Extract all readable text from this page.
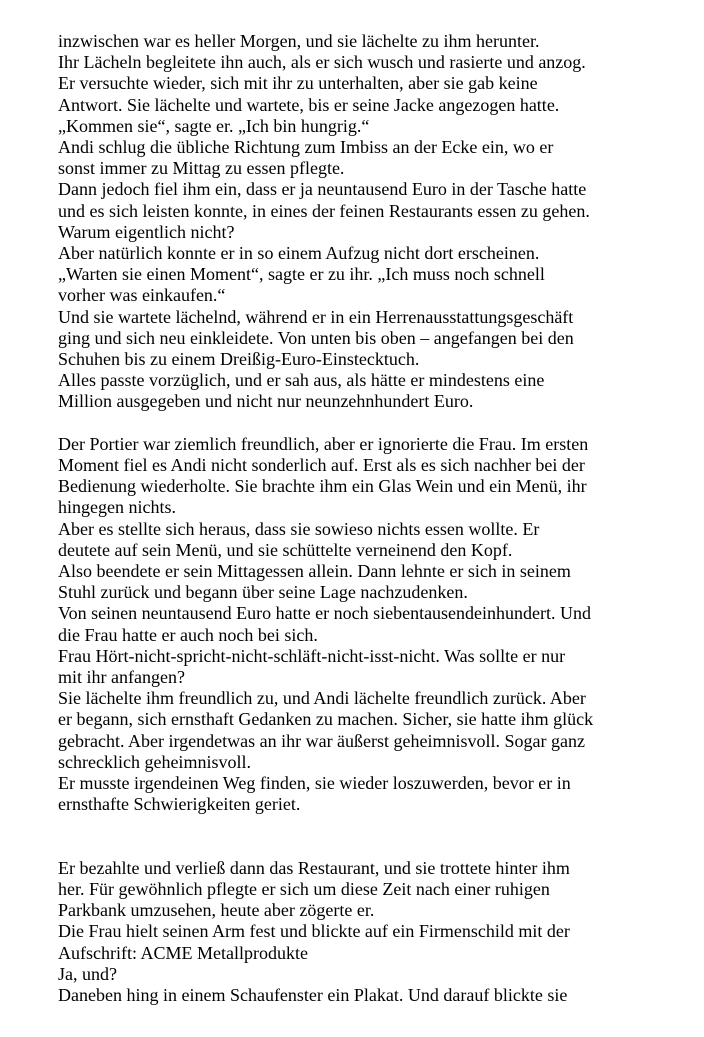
inzwischen war es heller Morgen, und sie lächelte zu ihm herunter.
Ihr Lächeln begleitete ihn auch, als er sich wusch und rasierte und anzog.
Er versuchte wieder, sich mit ihr zu unterhalten, aber sie gab keine
Antwort. Sie lächelte und wartete, bis er seine Jacke angezogen hatte.
„Kommen sie“, sagte er. „Ich bin hungrig.“
Andi schlug die übliche Richtung zum Imbiss an der Ecke ein, wo er
sonst immer zu Mittag zu essen pflegte.
Dann jedoch fiel ihm ein, dass er ja neuntausend Euro in der Tasche hatte
und es sich leisten konnte, in eines der feinen Restaurants essen zu gehen.
Warum eigentlich nicht?
Aber natürlich konnte er in so einem Aufzug nicht dort erscheinen.
„Warten sie einen Moment“, sagte er zu ihr. „Ich muss noch schnell
vorher was einkaufen.“
Und sie wartete lächelnd, während er in ein Herrenausstattungsgeschäft
ging und sich neu einkleidete. Von unten bis oben – angefangen bei den
Schuhen bis zu einem Dreißig-Euro-Einstecktuch.
Alles passte vorzüglich, und er sah aus, als hätte er mindestens eine
Million ausgegeben und nicht nur neunzehnhundert Euro.
Der Portier war ziemlich freundlich, aber er ignorierte die Frau. Im ersten
Moment fiel es Andi nicht sonderlich auf. Erst als es sich nachher bei der
Bedienung wiederholte. Sie brachte ihm ein Glas Wein und ein Menü, ihr
hingegen nichts.
Aber es stellte sich heraus, dass sie sowieso nichts essen wollte. Er
deutete auf sein Menü, und sie schüttelte verneinend den Kopf.
Also beendete er sein Mittagessen allein. Dann lehnte er sich in seinem
Stuhl zurück und begann über seine Lage nachzudenken.
Von seinen neuntausend Euro hatte er noch siebentausendeinhundert. Und
die Frau hatte er auch noch bei sich.
Frau Hört-nicht-spricht-nicht-schläft-nicht-isst-nicht. Was sollte er nur
mit ihr anfangen?
Sie lächelte ihm freundlich zu, und Andi lächelte freundlich zurück. Aber
er begann, sich ernsthaft Gedanken zu machen. Sicher, sie hatte ihm glück
gebracht. Aber irgendetwas an ihr war äußerst geheimnisvoll. Sogar ganz
schrecklich geheimnisvoll.
Er musste irgendeinen Weg finden, sie wieder loszuwerden, bevor er in
ernsthafte Schwierigkeiten geriet.
Er bezahlte und verließ dann das Restaurant, und sie trottete hinter ihm
her. Für gewöhnlich pflegte er sich um diese Zeit nach einer ruhigen
Parkbank umzusehen, heute aber zögerte er.
Die Frau hielt seinen Arm fest und blickte auf ein Firmenschild mit der
Aufschrift: ACME Metallprodukte
Ja, und?
Daneben hing in einem Schaufenster ein Plakat. Und darauf blickte sie
